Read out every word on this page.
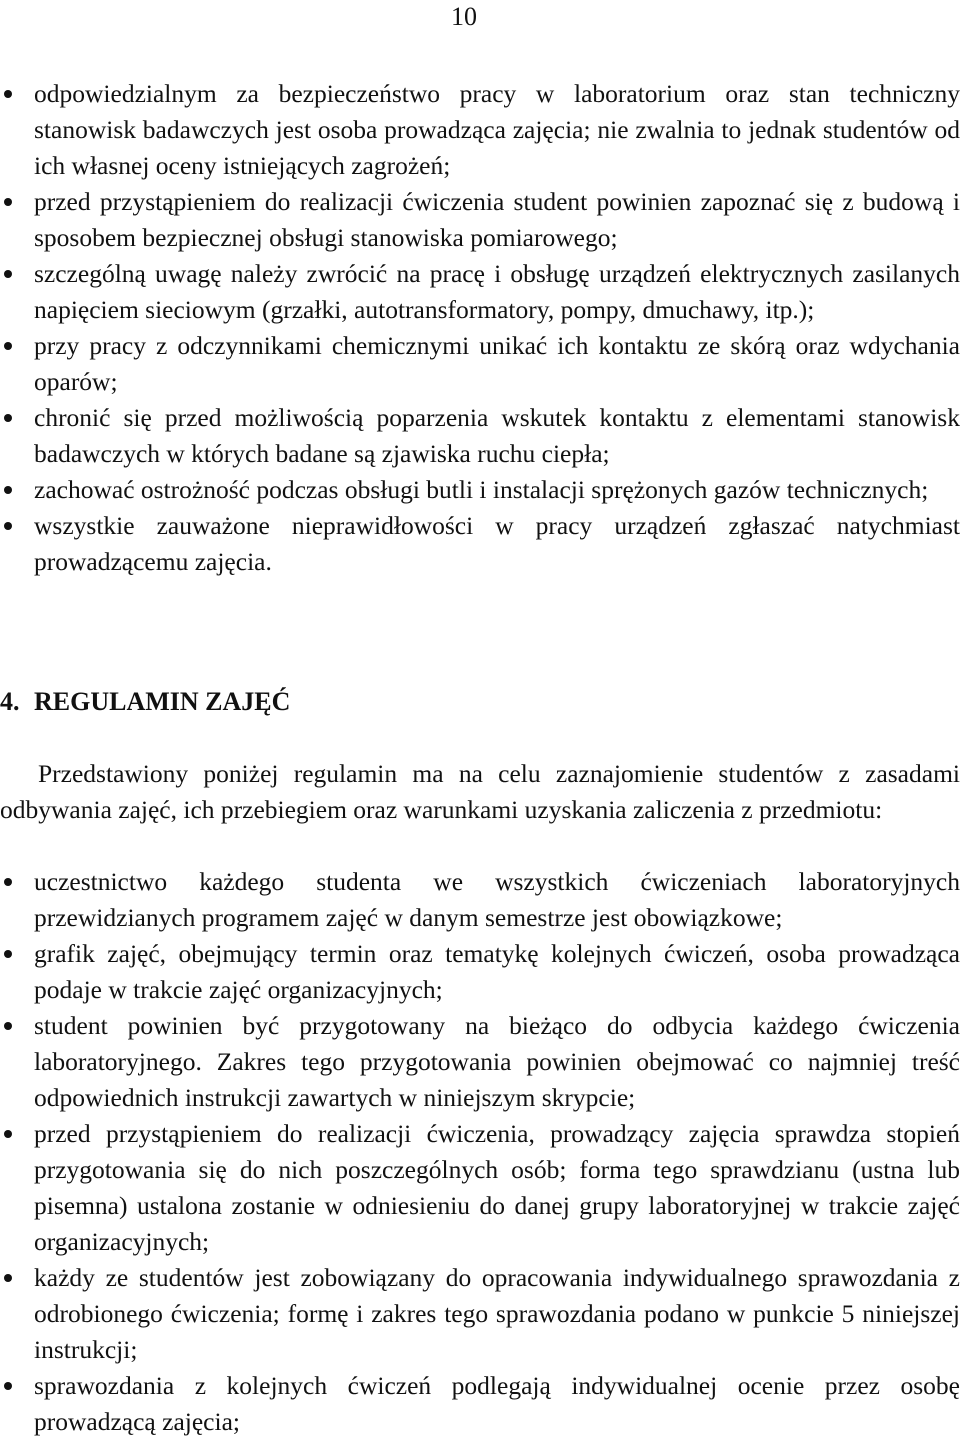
10
odpowiedzialnym za bezpieczeństwo pracy w laboratorium oraz stan techniczny stanowisk badawczych jest osoba prowadząca zajęcia; nie zwalnia to jednak studentów od ich własnej oceny istniejących zagrożeń;
przed przystąpieniem do realizacji ćwiczenia student powinien zapoznać się z budową i sposobem bezpiecznej obsługi stanowiska pomiarowego;
szczególną uwagę należy zwrócić na pracę i obsługę urządzeń elektrycznych zasilanych napięciem sieciowym (grzałki, autotransformatory, pompy, dmuchawy, itp.);
przy pracy z odczynnikami chemicznymi unikać ich kontaktu ze skórą oraz wdychania oparów;
chronić się przed możliwością poparzenia wskutek kontaktu z elementami stanowisk badawczych w których badane są zjawiska ruchu ciepła;
zachować ostrożność podczas obsługi butli i instalacji sprężonych gazów technicznych;
wszystkie zauważone nieprawidłowości w pracy urządzeń zgłaszać natychmiast prowadzącemu zajęcia.
4. REGULAMIN ZAJĘĆ
Przedstawiony poniżej regulamin ma na celu zaznajomienie studentów z zasadami odbywania zajęć, ich przebiegiem oraz warunkami uzyskania zaliczenia z przedmiotu:
uczestnictwo każdego studenta we wszystkich ćwiczeniach laboratoryjnych przewidzianych programem zajęć w danym semestrze jest obowiązkowe;
grafik zajęć, obejmujący termin oraz tematykę kolejnych ćwiczeń, osoba prowadząca podaje w trakcie zajęć organizacyjnych;
student powinien być przygotowany na bieżąco do odbycia każdego ćwiczenia laboratoryjnego. Zakres tego przygotowania powinien obejmować co najmniej treść odpowiednich instrukcji zawartych w niniejszym skrypcie;
przed przystąpieniem do realizacji ćwiczenia, prowadzący zajęcia sprawdza stopień przygotowania się do nich poszczególnych osób; forma tego sprawdzianu (ustna lub pisemna) ustalona zostanie w odniesieniu do danej grupy laboratoryjnej w trakcie zajęć organizacyjnych;
każdy ze studentów jest zobowiązany do opracowania indywidualnego sprawozdania z odrobionego ćwiczenia; formę i zakres tego sprawozdania podano w punkcie 5 niniejszej instrukcji;
sprawozdania z kolejnych ćwiczeń podlegają indywidualnej ocenie przez osobę prowadzącą zajęcia;
